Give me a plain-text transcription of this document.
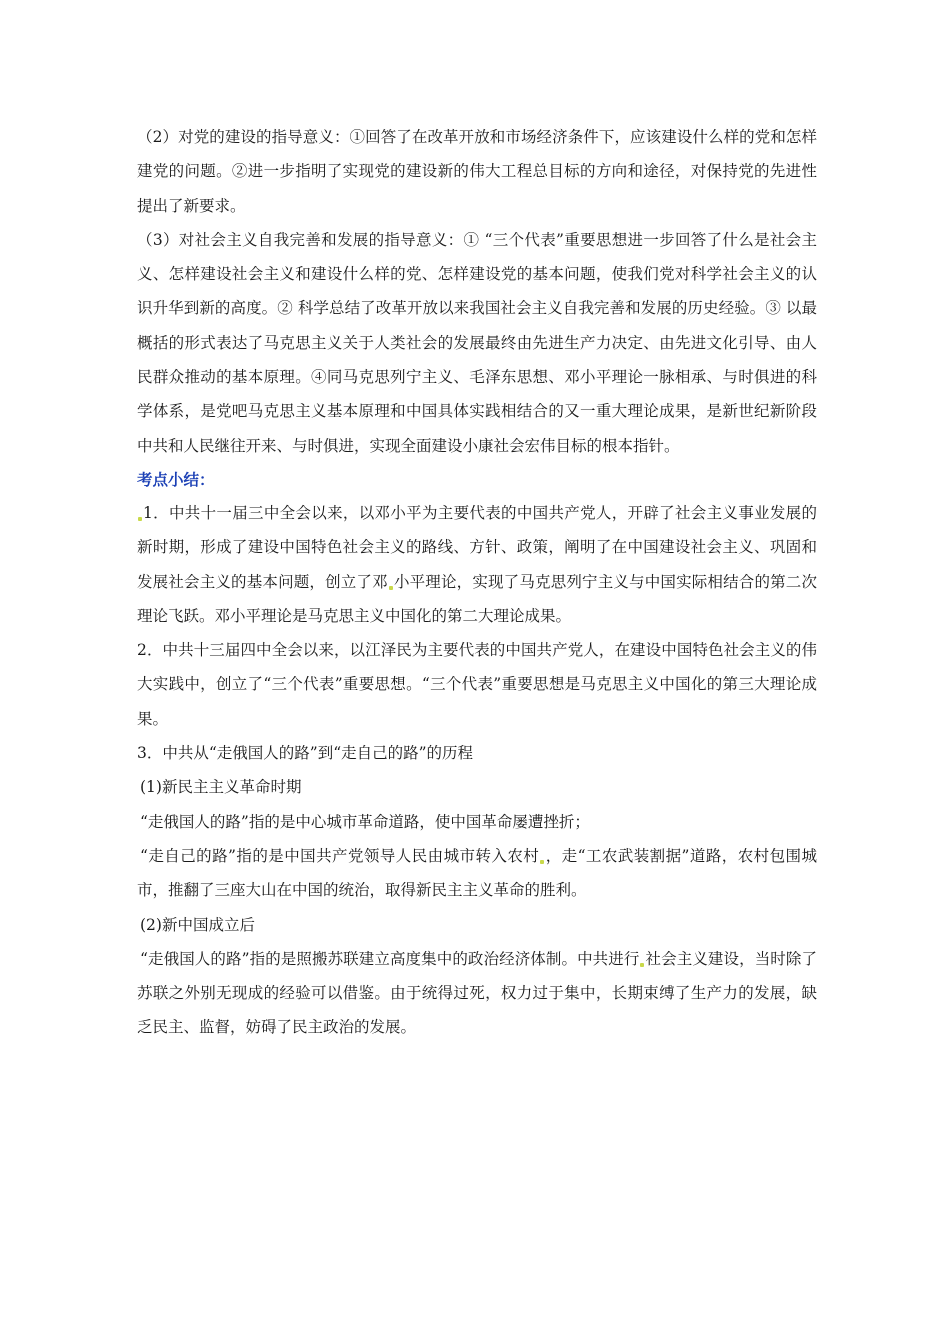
（2）对党的建设的指导意义：①回答了在改革开放和市场经济条件下，应该建设什么样的党和怎样建党的问题。②进一步指明了实现党的建设新的伟大工程总目标的方向和途径，对保持党的先进性提出了新要求。

（3）对社会主义自我完善和发展的指导意义：① “三个代表”重要思想进一步回答了什么是社会主义、怎样建设社会主义和建设什么样的党、怎样建设党的基本问题，使我们党对科学社会主义的认识升华到新的高度。② 科学总结了改革开放以来我国社会主义自我完善和发展的历史经验。③ 以最概括的形式表达了马克思主义关于人类社会的发展最终由先进生产力决定、由先进文化引导、由人民群众推动的基本原理。④同马克思列宁主义、毛泽东思想、邓小平理论一脉相承、与时俱进的科学体系，是党吧马克思主义基本原理和中国具体实践相结合的又一重大理论成果，是新世纪新阶段中共和人民继往开来、与时俱进，实现全面建设小康社会宏伟目标的根本指针。

考点小结：

1．中共十一届三中全会以来，以邓小平为主要代表的中国共产党人，开辟了社会主义事业发展的新时期，形成了建设中国特色社会主义的路线、方针、政策，阐明了在中国建设社会主义、巩固和发展社会主义的基本问题，创立了邓 小平理论，实现了马克思列宁主义与中国实际相结合的第二次理论飞跃。邓小平理论是马克思主义中国化的第二大理论成果。

2．中共十三届四中全会以来，以江泽民为主要代表的中国共产党人，在建设中国特色社会主义的伟大实践中，创立了“三个代表”重要思想。“三个代表”重要思想是马克思主义中国化的第三大理论成果。

3．中共从“走俄国人的路”到“走自己的路”的历程

(1)新民主主义革命时期

“走俄国人的路”指的是中心城市革命道路，使中国革命屡遭挫折；

“走自己的路”指的是中国共产党领导人民由城市转入农村 ，走“工农武装割据”道路，农村包围城市，推翻了三座大山在中国的统治，取得新民主主义革命的胜利。

(2)新中国成立后

“走俄国人的路”指的是照搬苏联建立高度集中的政治经济体制。中共进行 社会主义建设，当时除了苏联之外别无现成的经验可以借鉴。由于统得过死，权力过于集中，长期束缚了生产力的发展，缺乏民主、监督，妨碍了民主政治的发展。
